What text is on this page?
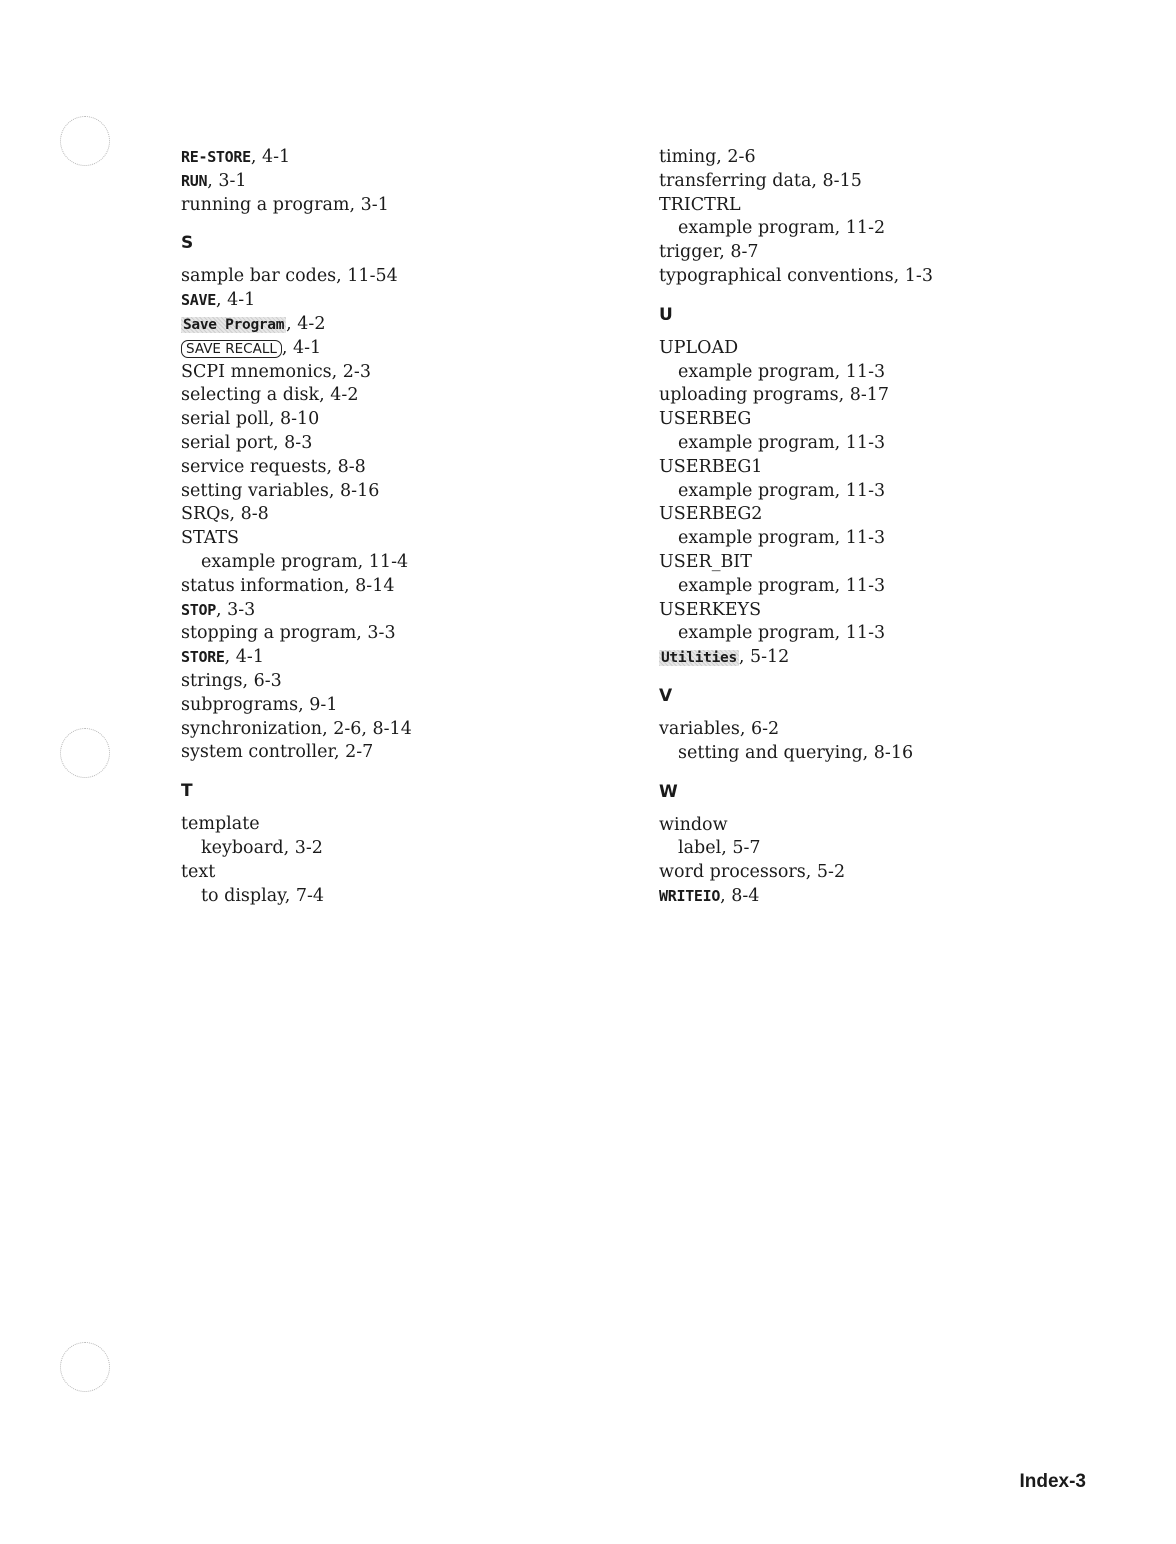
RE-STORE, 4-1
RUN, 3-1
running a program, 3-1
S
sample bar codes, 11-54
SAVE, 4-1
Save Program , 4-2
SAVE RECALL , 4-1
SCPI mnemonics, 2-3
selecting a disk, 4-2
serial poll, 8-10
serial port, 8-3
service requests, 8-8
setting variables, 8-16
SRQs, 8-8
STATS
example program, 11-4
status information, 8-14
STOP, 3-3
stopping a program, 3-3
STORE, 4-1
strings, 6-3
subprograms, 9-1
synchronization, 2-6, 8-14
system controller, 2-7
T
template
keyboard, 3-2
text
to display, 7-4
timing, 2-6
transferring data, 8-15
TRICTRL
example program, 11-2
trigger, 8-7
typographical conventions, 1-3
U
UPLOAD
example program, 11-3
uploading programs, 8-17
USERBEG
example program, 11-3
USERBEG1
example program, 11-3
USERBEG2
example program, 11-3
USER_BIT
example program, 11-3
USERKEYS
example program, 11-3
Utilities , 5-12
V
variables, 6-2
setting and querying, 8-16
W
window
label, 5-7
word processors, 5-2
WRITEIO, 8-4
Index-3
